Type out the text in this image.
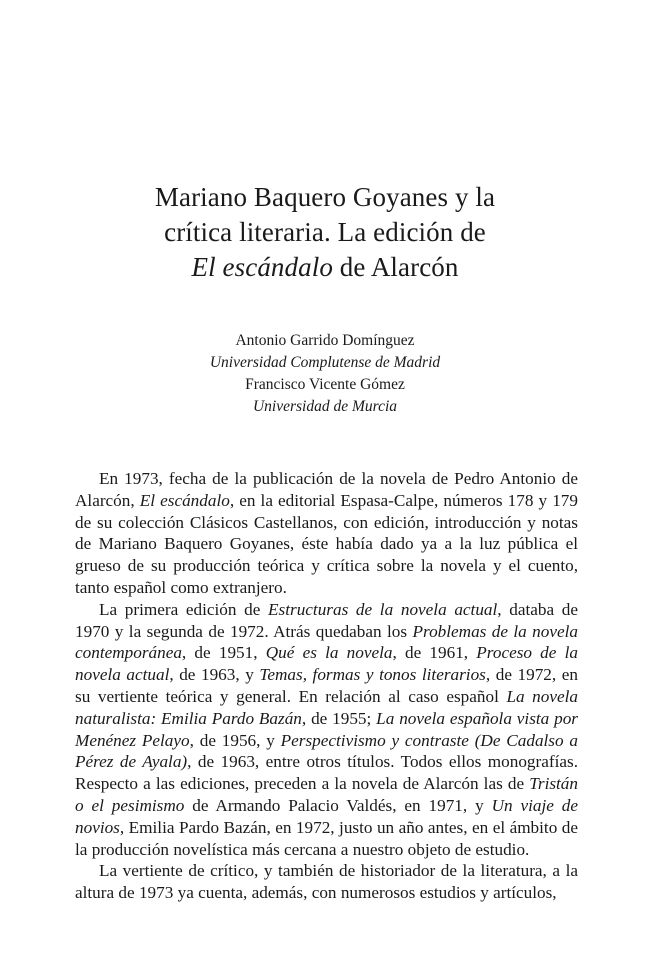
Mariano Baquero Goyanes y la
crítica literaria. La edición de
El escándalo de Alarcón
Antonio Garrido Domínguez
Universidad Complutense de Madrid
Francisco Vicente Gómez
Universidad de Murcia

En 1973, fecha de la publicación de la novela de Pedro Antonio de Alarcón, El escándalo, en la editorial Espasa-Calpe, números 178 y 179 de su colección Clásicos Castellanos, con edición, introducción y notas de Mariano Baquero Goyanes, éste había dado ya a la luz pública el grueso de su producción teórica y crítica sobre la novela y el cuento, tanto español como extranjero.

La primera edición de Estructuras de la novela actual, databa de 1970 y la segunda de 1972. Atrás quedaban los Problemas de la novela contemporánea, de 1951, Qué es la novela, de 1961, Proceso de la novela actual, de 1963, y Temas, formas y tonos literarios, de 1972, en su vertiente teórica y general. En relación al caso español La novela naturalista: Emilia Pardo Bazán, de 1955; La novela española vista por Menénez Pelayo, de 1956, y Perspectivismo y contraste (De Cadalso a Pérez de Ayala), de 1963, entre otros títulos. Todos ellos monografías. Respecto a las ediciones, preceden a la novela de Alarcón las de Tristán o el pesimismo de Armando Palacio Valdés, en 1971, y Un viaje de novios, Emilia Pardo Bazán, en 1972, justo un año antes, en el ámbito de la producción novelística más cercana a nuestro objeto de estudio.

La vertiente de crítico, y también de historiador de la literatura, a la altura de 1973 ya cuenta, además, con numerosos estudios y artículos,
